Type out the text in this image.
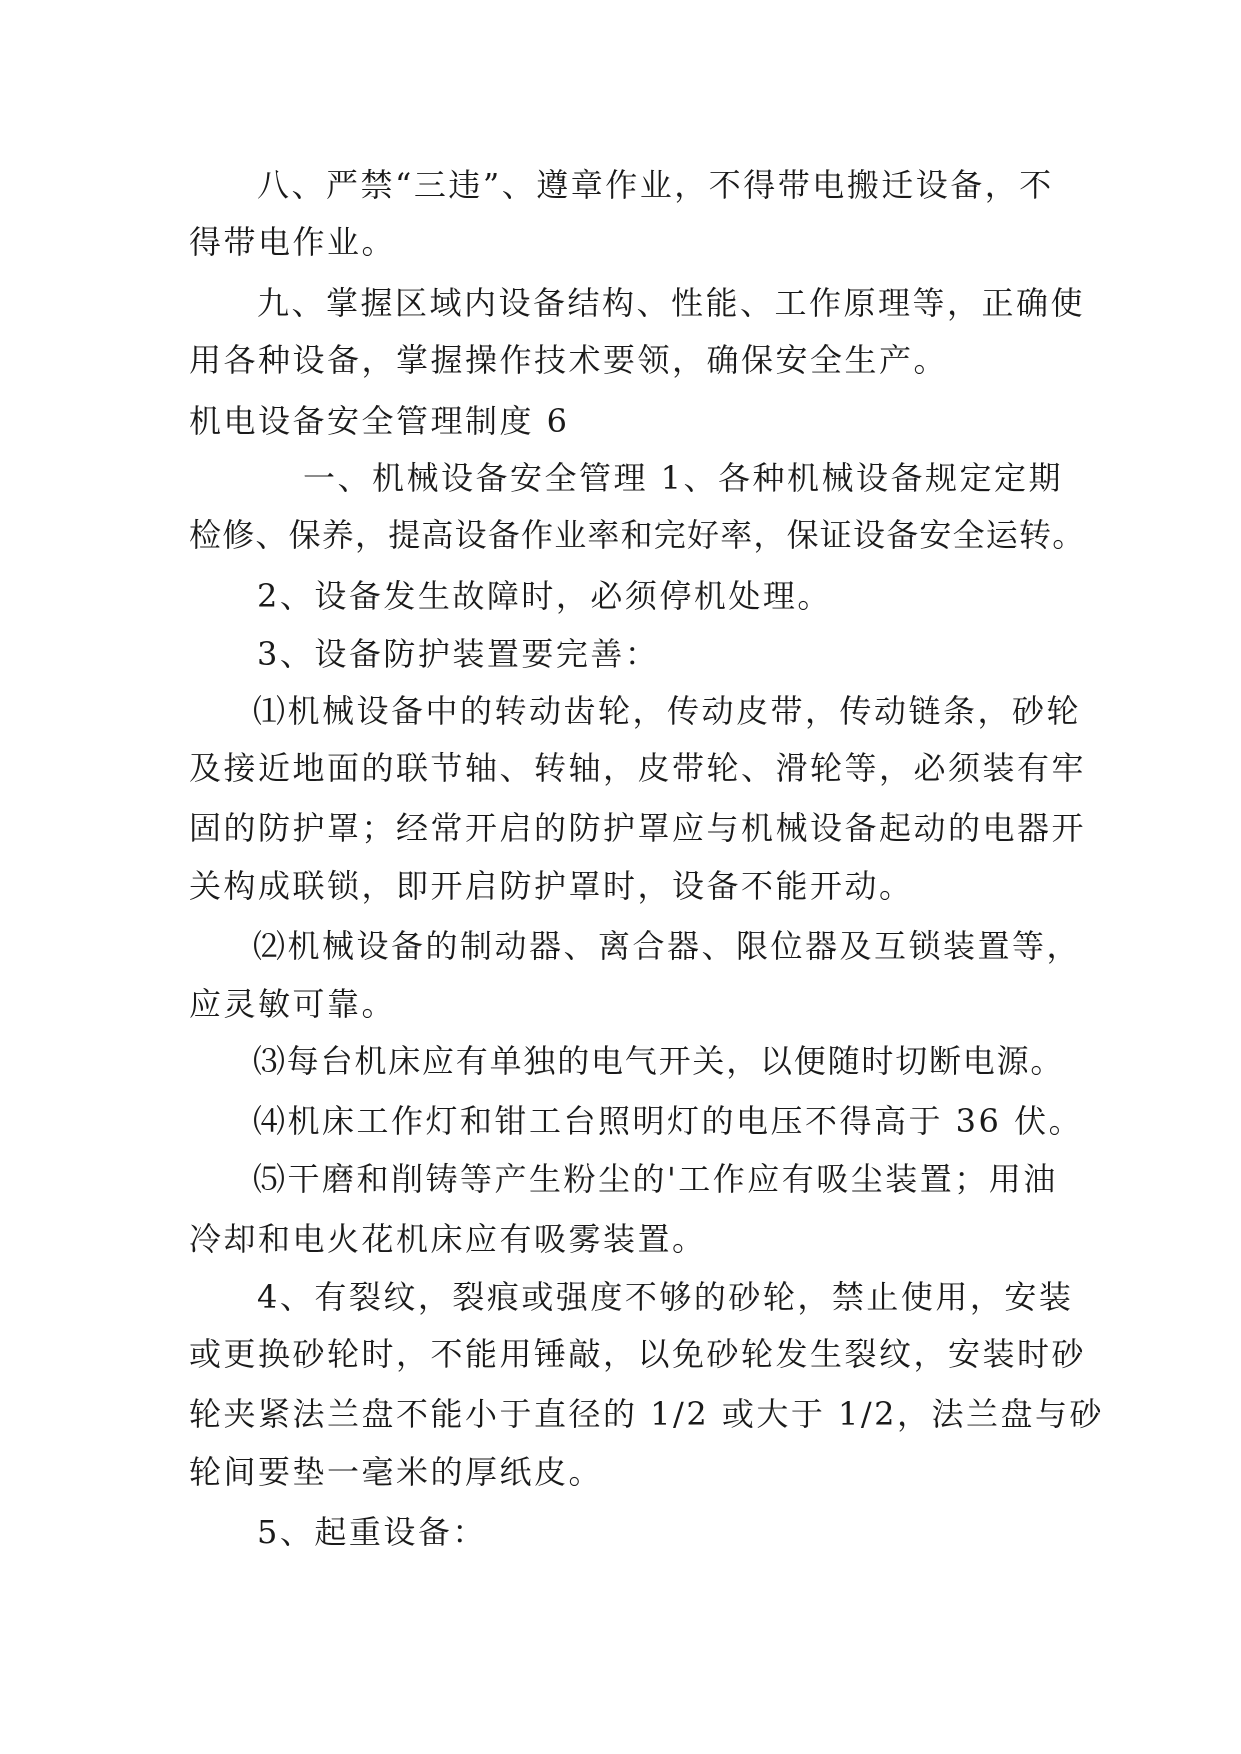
八、严禁“三违”、遵章作业，不得带电搬迁设备，不
得带电作业。
九、掌握区域内设备结构、性能、工作原理等，正确使
用各种设备，掌握操作技术要领，确保安全生产。
机电设备安全管理制度 6
一、机械设备安全管理 1、各种机械设备规定定期
检修、保养，提高设备作业率和完好率，保证设备安全运转。
2、设备发生故障时，必须停机处理。
3、设备防护装置要完善：
⑴机械设备中的转动齿轮，传动皮带，传动链条，砂轮
及接近地面的联节轴、转轴，皮带轮、滑轮等，必须装有牢
固的防护罩；经常开启的防护罩应与机械设备起动的电器开
关构成联锁，即开启防护罩时，设备不能开动。
⑵机械设备的制动器、离合器、限位器及互锁装置等，
应灵敏可靠。
⑶每台机床应有单独的电气开关，以便随时切断电源。
⑷机床工作灯和钳工台照明灯的电压不得高于 36 伏。
⑸干磨和削铸等产生粉尘的'工作应有吸尘装置；用油
冷却和电火花机床应有吸雾装置。
4、有裂纹，裂痕或强度不够的砂轮，禁止使用，安装
或更换砂轮时，不能用锤敲，以免砂轮发生裂纹，安装时砂
轮夹紧法兰盘不能小于直径的 1/2 或大于 1/2，法兰盘与砂
轮间要垫一毫米的厚纸皮。
5、起重设备：
